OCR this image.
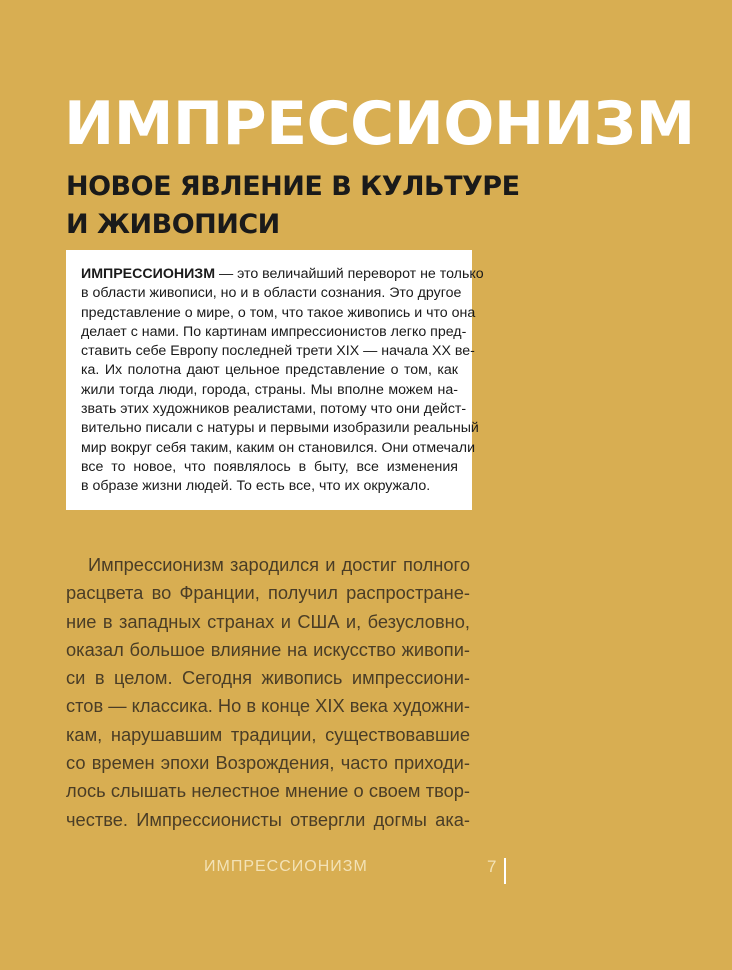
ИМПРЕССИОНИЗМ
НОВОЕ ЯВЛЕНИЕ В КУЛЬТУРЕ
И ЖИВОПИСИ
ИМПРЕССИОНИЗМ — это величайший переворот не только
в области живописи, но и в области сознания. Это другое
представление о мире, о том, что такое живопись и что она
делает с нами. По картинам импрессионистов легко пред-
ставить себе Европу последней трети XIX — начала XX ве-
ка. Их полотна дают цельное представление о том, как
жили тогда люди, города, страны. Мы вполне можем на-
звать этих художников реалистами, потому что они дейст-
вительно писали с натуры и первыми изобразили реальный
мир вокруг себя таким, каким он становился. Они отмечали
все то новое, что появлялось в быту, все изменения
в образе жизни людей. То есть все, что их окружало.
Импрессионизм зародился и достиг полного
расцвета во Франции, получил распростране-
ние в западных странах и США и, безусловно,
оказал большое влияние на искусство живопи-
си в целом. Сегодня живопись импрессиони-
стов — классика. Но в конце XIX века художни-
кам, нарушавшим традиции, существовавшие
со времен эпохи Возрождения, часто приходи-
лось слышать нелестное мнение о своем твор-
честве. Импрессионисты отвергли догмы ака-
ИМПРЕССИОНИЗМ	7
